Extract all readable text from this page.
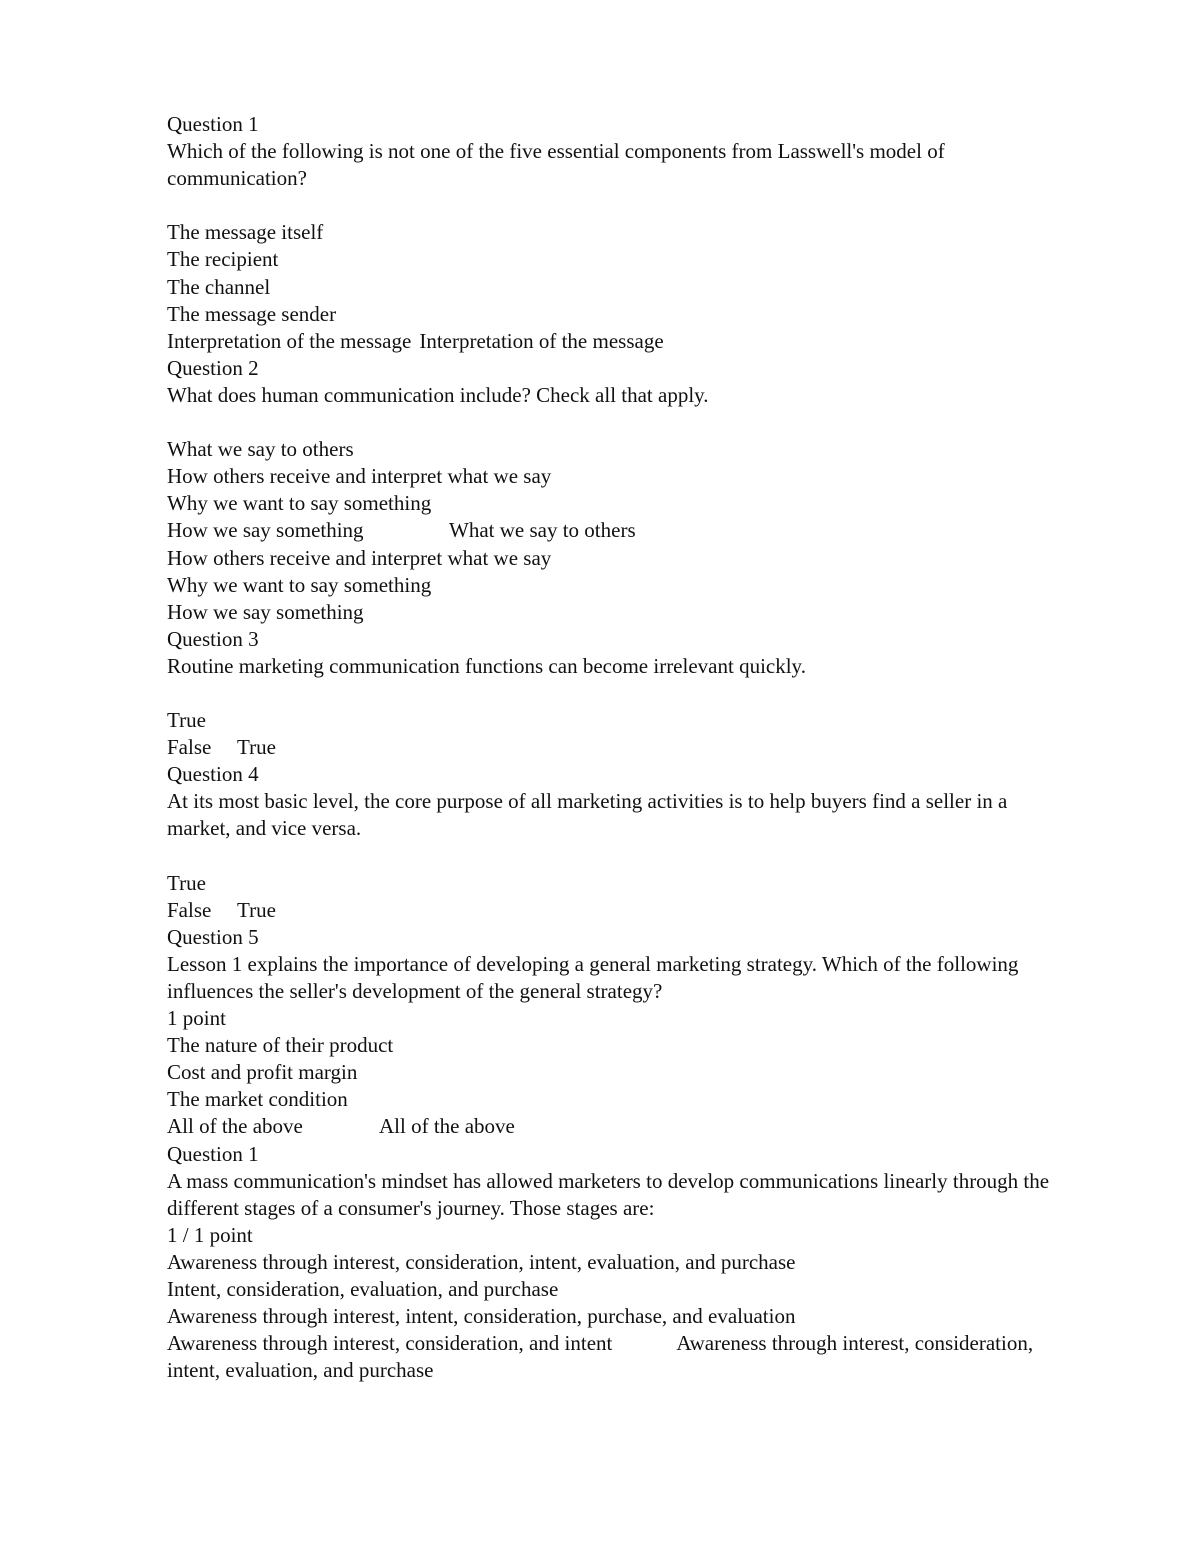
Question 1
Which of the following is not one of the five essential components from Lasswell's model of communication?
The message itself
The recipient
The channel
The message sender
Interpretation of the message Interpretation of the message
Question 2
What does human communication include? Check all that apply.
What we say to others
How others receive and interpret what we say
Why we want to say something
How we say something	What we say to others
How others receive and interpret what we say
Why we want to say something
How we say something
Question 3
Routine marketing communication functions can become irrelevant quickly.
True
False True
Question 4
At its most basic level, the core purpose of all marketing activities is to help buyers find a seller in a market, and vice versa.
True
False True
Question 5
Lesson 1 explains the importance of developing a general marketing strategy. Which of the following influences the seller's development of the general strategy?
1 point
The nature of their product
Cost and profit margin
The market condition
All of the above	All of the above
Question 1
A mass communication's mindset has allowed marketers to develop communications linearly through the different stages of a consumer's journey. Those stages are:
1 / 1 point
Awareness through interest, consideration, intent, evaluation, and purchase
Intent, consideration, evaluation, and purchase
Awareness through interest, intent, consideration, purchase, and evaluation
Awareness through interest, consideration, and intent	Awareness through interest, consideration, intent, evaluation, and purchase
